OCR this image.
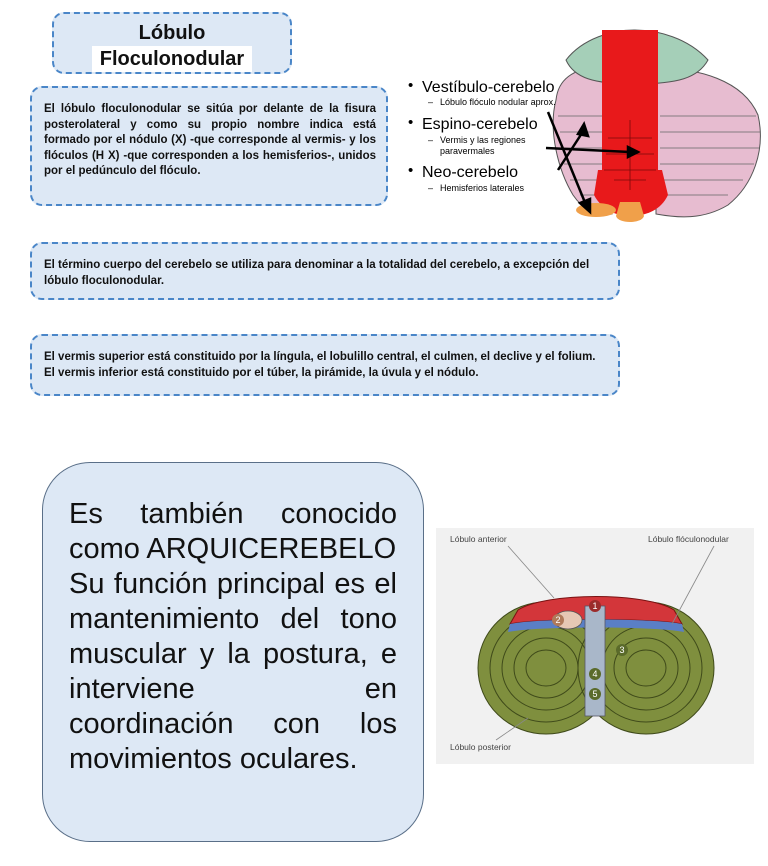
Lóbulo

Floculonodular
El lóbulo floculonodular se sitúa por delante de la fisura posterolateral y como su propio nombre indica está formado por el nódulo (X) -que corresponde al vermis- y los flóculos (H X) -que corresponden a los hemisferios-, unidos por el pedúnculo del flóculo.
• Vestíbulo-cerebelo
– Lóbulo flóculo nodular aprox.
• Espino-cerebelo
– Vermis y las regiones
paravermales
• Neo-cerebelo
– Hemisferios laterales
El término cuerpo del cerebelo se utiliza para denominar a la totalidad del cerebelo, a excepción del lóbulo floculonodular.
El vermis superior está constituido por la língula, el lobulillo central, el culmen, el declive y el folium. El vermis inferior está constituido por el túber, la pirámide, la úvula y el nódulo.

Es también conocido

como ARQUICEREBELO

Su función principal es el

mantenimiento del tono

muscular y la postura, e

interviene en

coordinación con los

movimientos oculares.

1
2
3
4
5
Lóbulo anterior	Lóbulo flóculonodular
Lóbulo posterior
